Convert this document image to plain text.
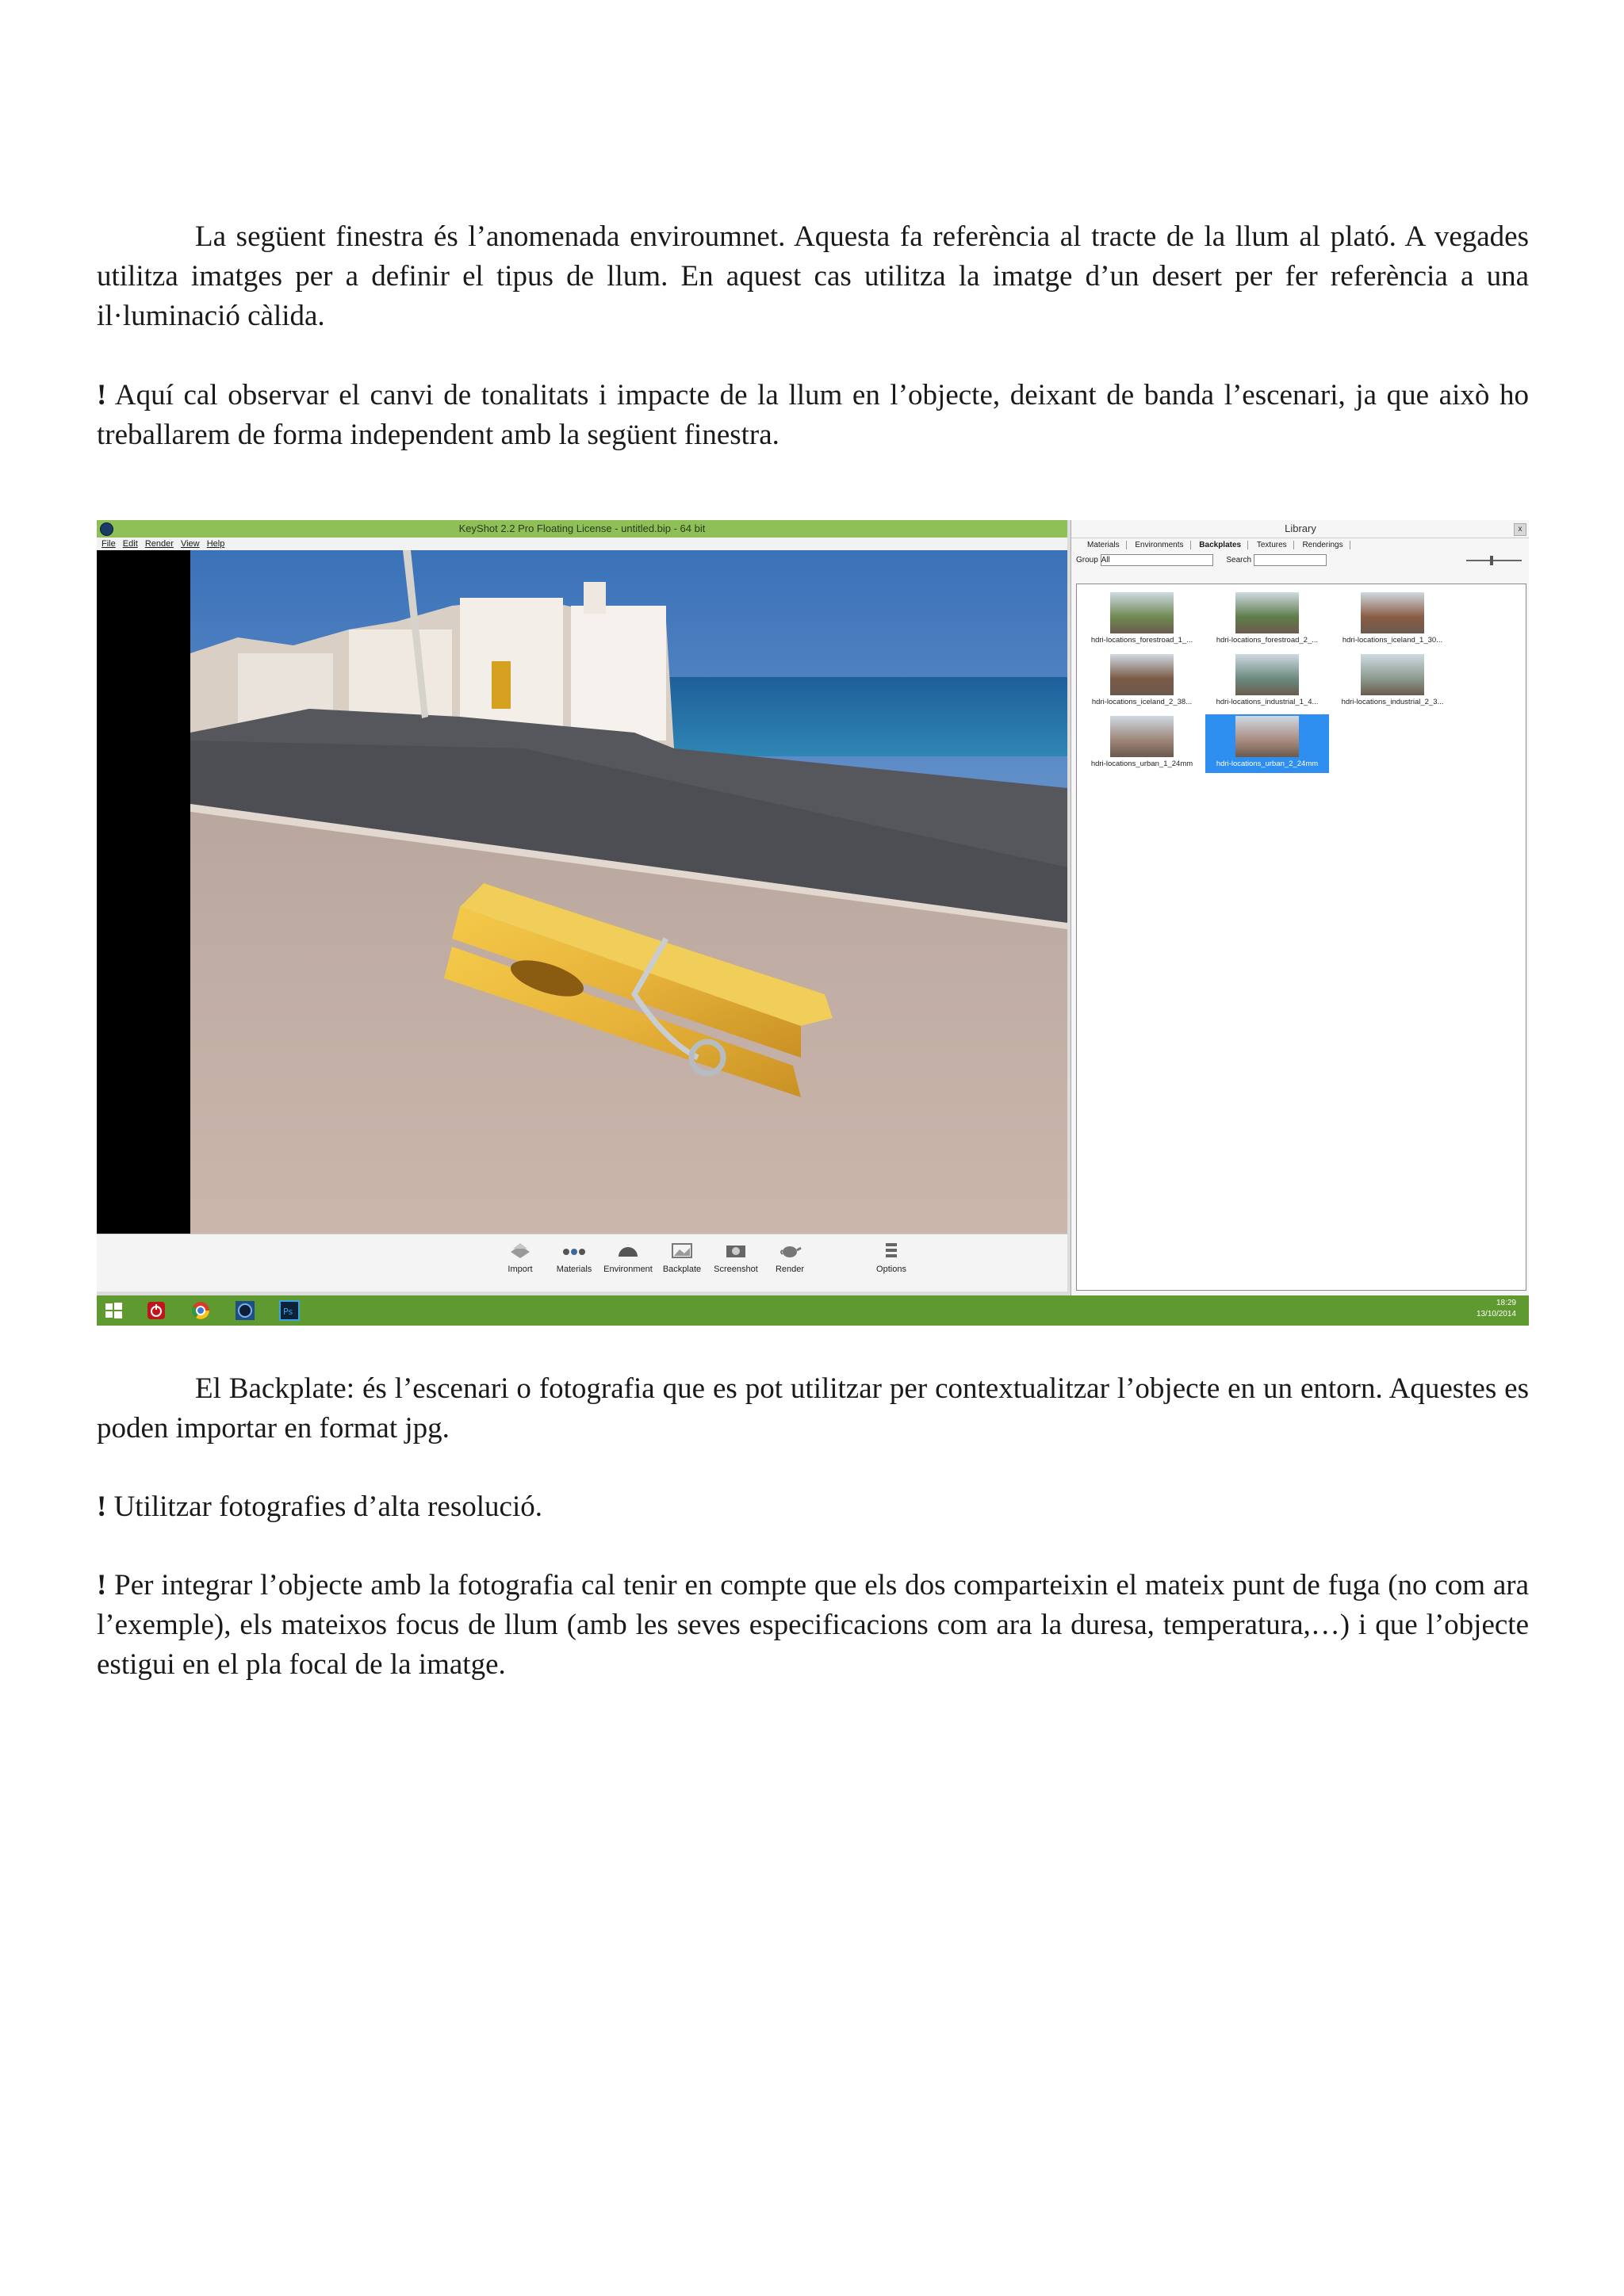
La següent finestra és l’anomenada enviroumnet. Aquesta fa referència al tracte de la llum al plató. A vegades utilitza imatges per a definir el tipus de llum. En aquest cas utilitza la imatge d’un desert per fer referència a una il·luminació càlida.

! Aquí cal observar el canvi de tonalitats i impacte de la llum en l’objecte, deixant de banda l’escenari, ja que això ho treballarem de forma independent amb la següent finestra.

KeyShot 2.2 Pro Floating License - untitled.bip - 64 bit
File Edit Render View Help
Import	Materials	Environment	Backplate	Screenshot	Render	Options
Library	x
Materials Environments Backplates Textures Renderings
Group All	Search
hdri-locations_forestroad_1_...	hdri-locations_forestroad_2_...	hdri-locations_iceland_1_30...
hdri-locations_iceland_2_38...	hdri-locations_industrial_1_4...	hdri-locations_industrial_2_3...
hdri-locations_urban_1_24mm	hdri-locations_urban_2_24mm
Ps
18:29
13/10/2014

El Backplate: és l’escenari o fotografia que es pot utilitzar per contextualitzar l’objecte en un entorn. Aquestes es poden importar en format jpg.

! Utilitzar fotografies d’alta resolució.

! Per integrar l’objecte amb la fotografia cal tenir en compte que els dos comparteixin el mateix punt de fuga (no com ara l’exemple), els mateixos focus de llum (amb les seves especificacions com ara la duresa, temperatura,…) i que l’objecte estigui en el pla focal de la imatge.
